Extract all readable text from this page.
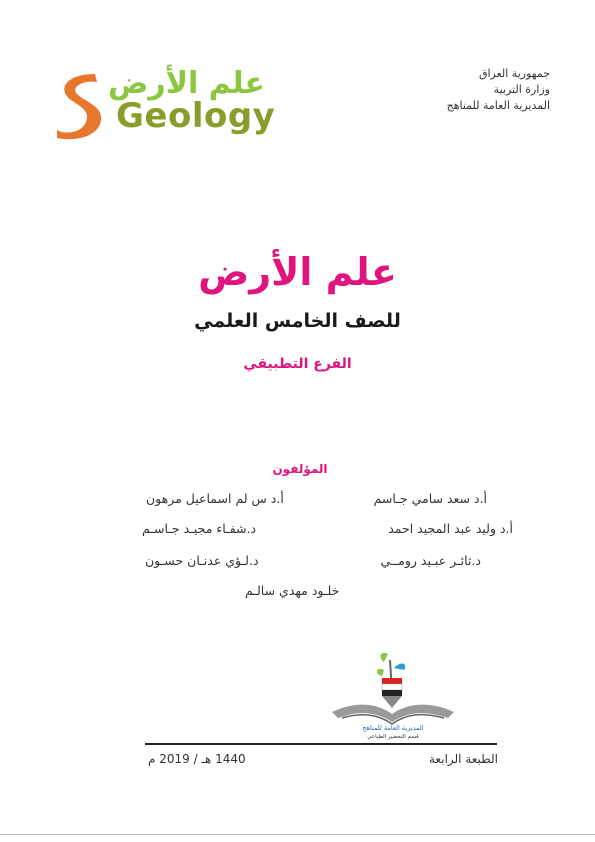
جمهورية العراق
وزارة التربية
المديرية العامة للمناهج
علم الأرض
Geology
علم الأرض
للصف الخامس العلمي
الفرع التطبيقي
المؤلفون
أ.د سعد سامي جـاسم
أ.د س لم اسماعيل مرهون
أ.د وليد عبد المجيد احمد
د.شفـاء مجيـد جـاسـم
د.ثائـر عبـيد رومــي
د.لـؤي عدنـان حسـون
خلـود مهدي سالـم
المديرية العامة للمناهج
قسم التحضير الطباعي
الطبعة الرابعة
1440 هـ / 2019 م
